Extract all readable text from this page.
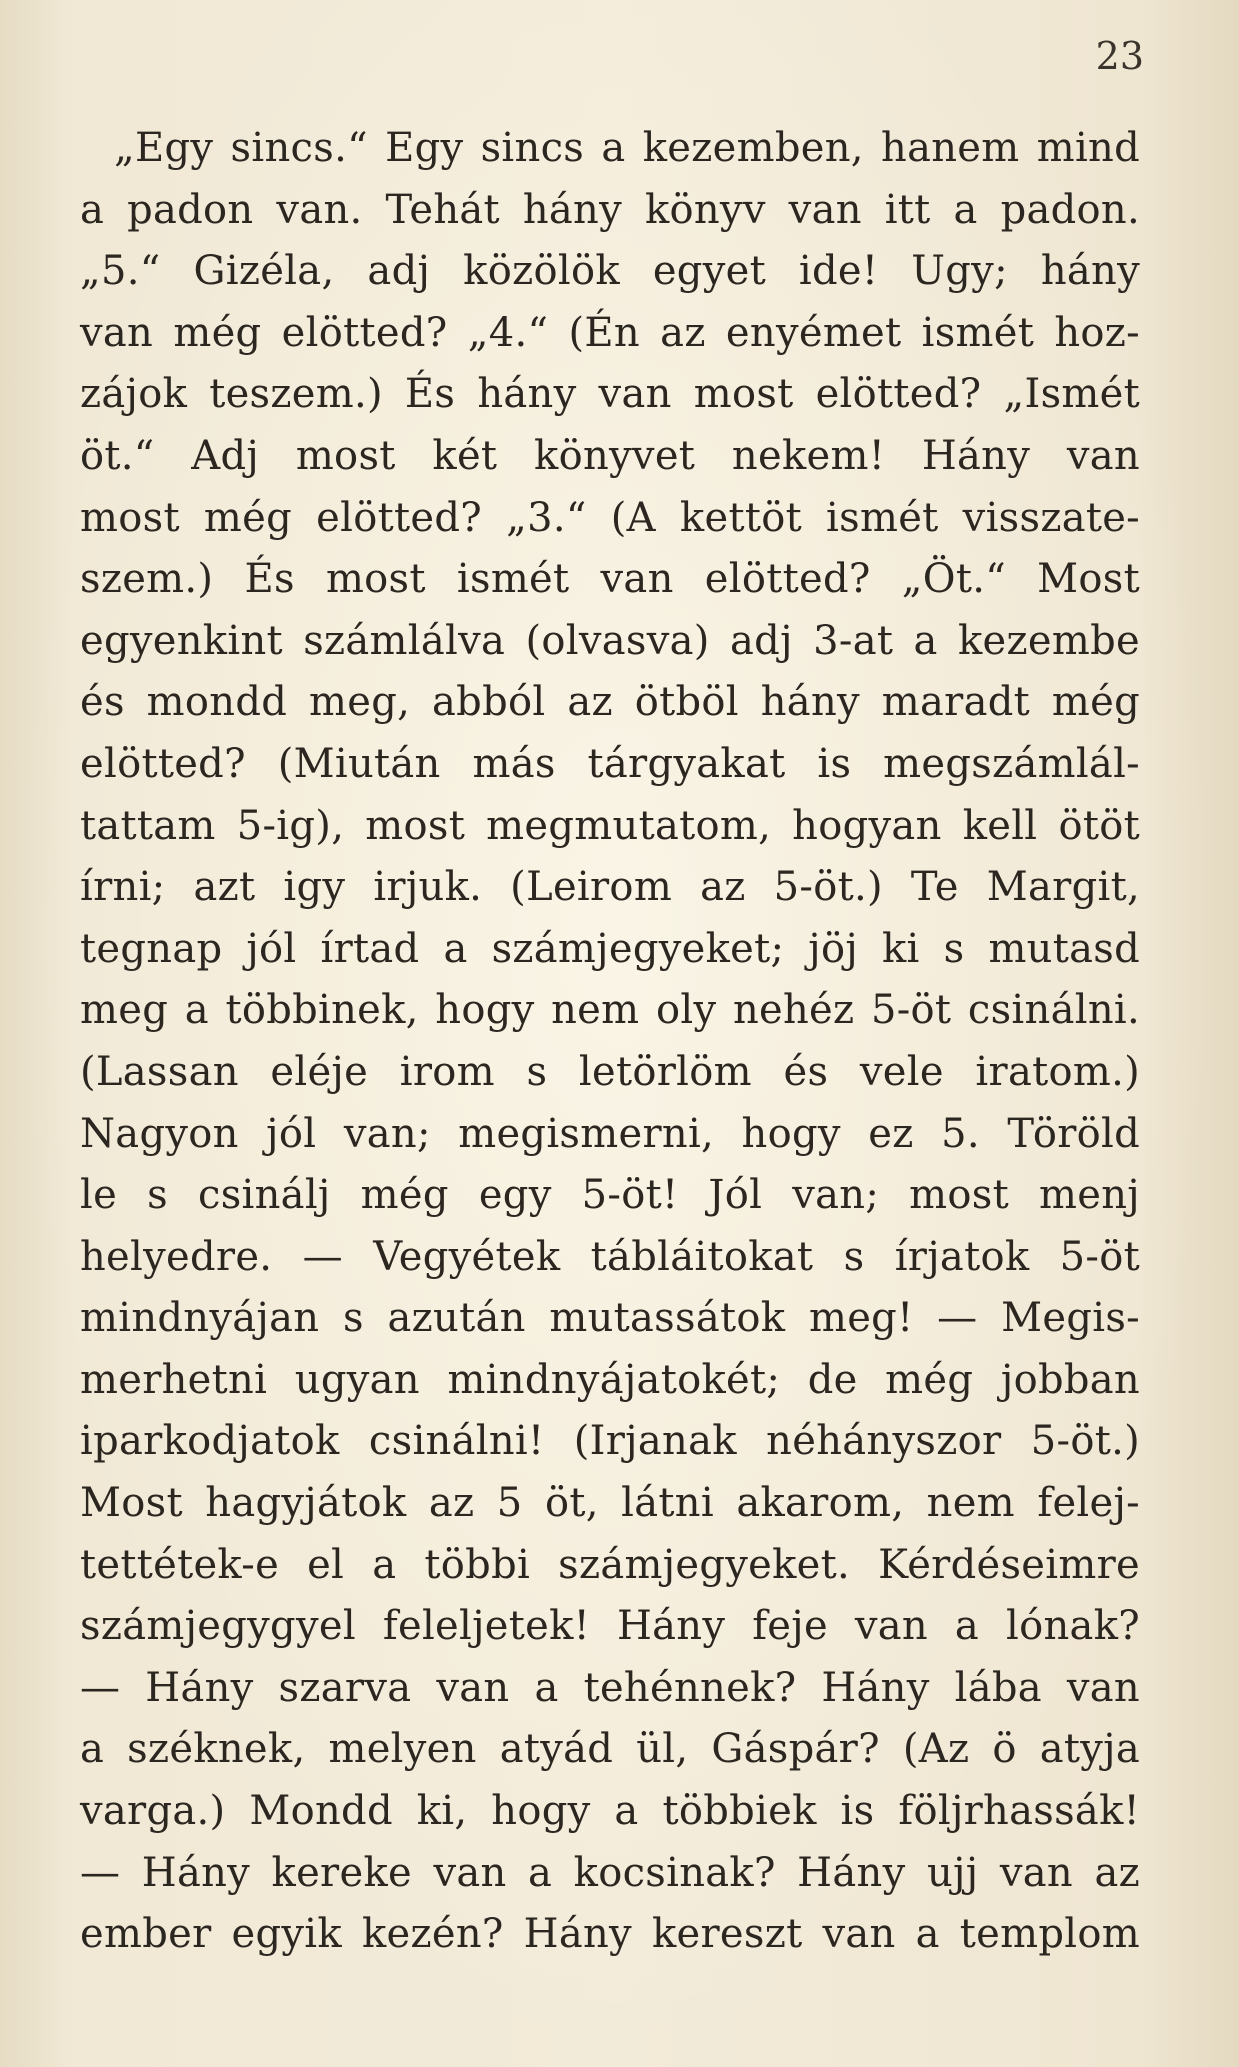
23
„Egy sincs.“ Egy sincs a kezemben, hanem mind
a padon van. Tehát hány könyv van itt a padon.
„5.“ Gizéla, adj közölök egyet ide! Ugy; hány
van még elötted? „4.“ (Én az enyémet ismét hoz-
zájok teszem.) És hány van most elötted? „Ismét
öt.“ Adj most két könyvet nekem! Hány van
most még elötted? „3.“ (A kettöt ismét visszate-
szem.) És most ismét van elötted? „Öt.“ Most
egyenkint számlálva (olvasva) adj 3-at a kezembe
és mondd meg, abból az ötböl hány maradt még
elötted? (Miután más tárgyakat is megszámlál-
tattam 5-ig), most megmutatom, hogyan kell ötöt
írni; azt igy irjuk. (Leirom az 5-öt.) Te Margit,
tegnap jól írtad a számjegyeket; jöj ki s mutasd
meg a többinek, hogy nem oly nehéz 5-öt csinálni.
(Lassan eléje irom s letörlöm és vele iratom.)
Nagyon jól van; megismerni, hogy ez 5. Töröld
le s csinálj még egy 5-öt! Jól van; most menj
helyedre. — Vegyétek tábláitokat s írjatok 5-öt
mindnyájan s azután mutassátok meg! — Megis-
merhetni ugyan mindnyájatokét; de még jobban
iparkodjatok csinálni! (Irjanak néhányszor 5-öt.)
Most hagyjátok az 5 öt, látni akarom, nem felej-
tettétek-e el a többi számjegyeket. Kérdéseimre
számjegygyel feleljetek! Hány feje van a lónak?
— Hány szarva van a tehénnek? Hány lába van
a széknek, melyen atyád ül, Gáspár? (Az ö atyja
varga.) Mondd ki, hogy a többiek is följrhassák!
— Hány kereke van a kocsinak? Hány ujj van az
ember egyik kezén? Hány kereszt van a templom
